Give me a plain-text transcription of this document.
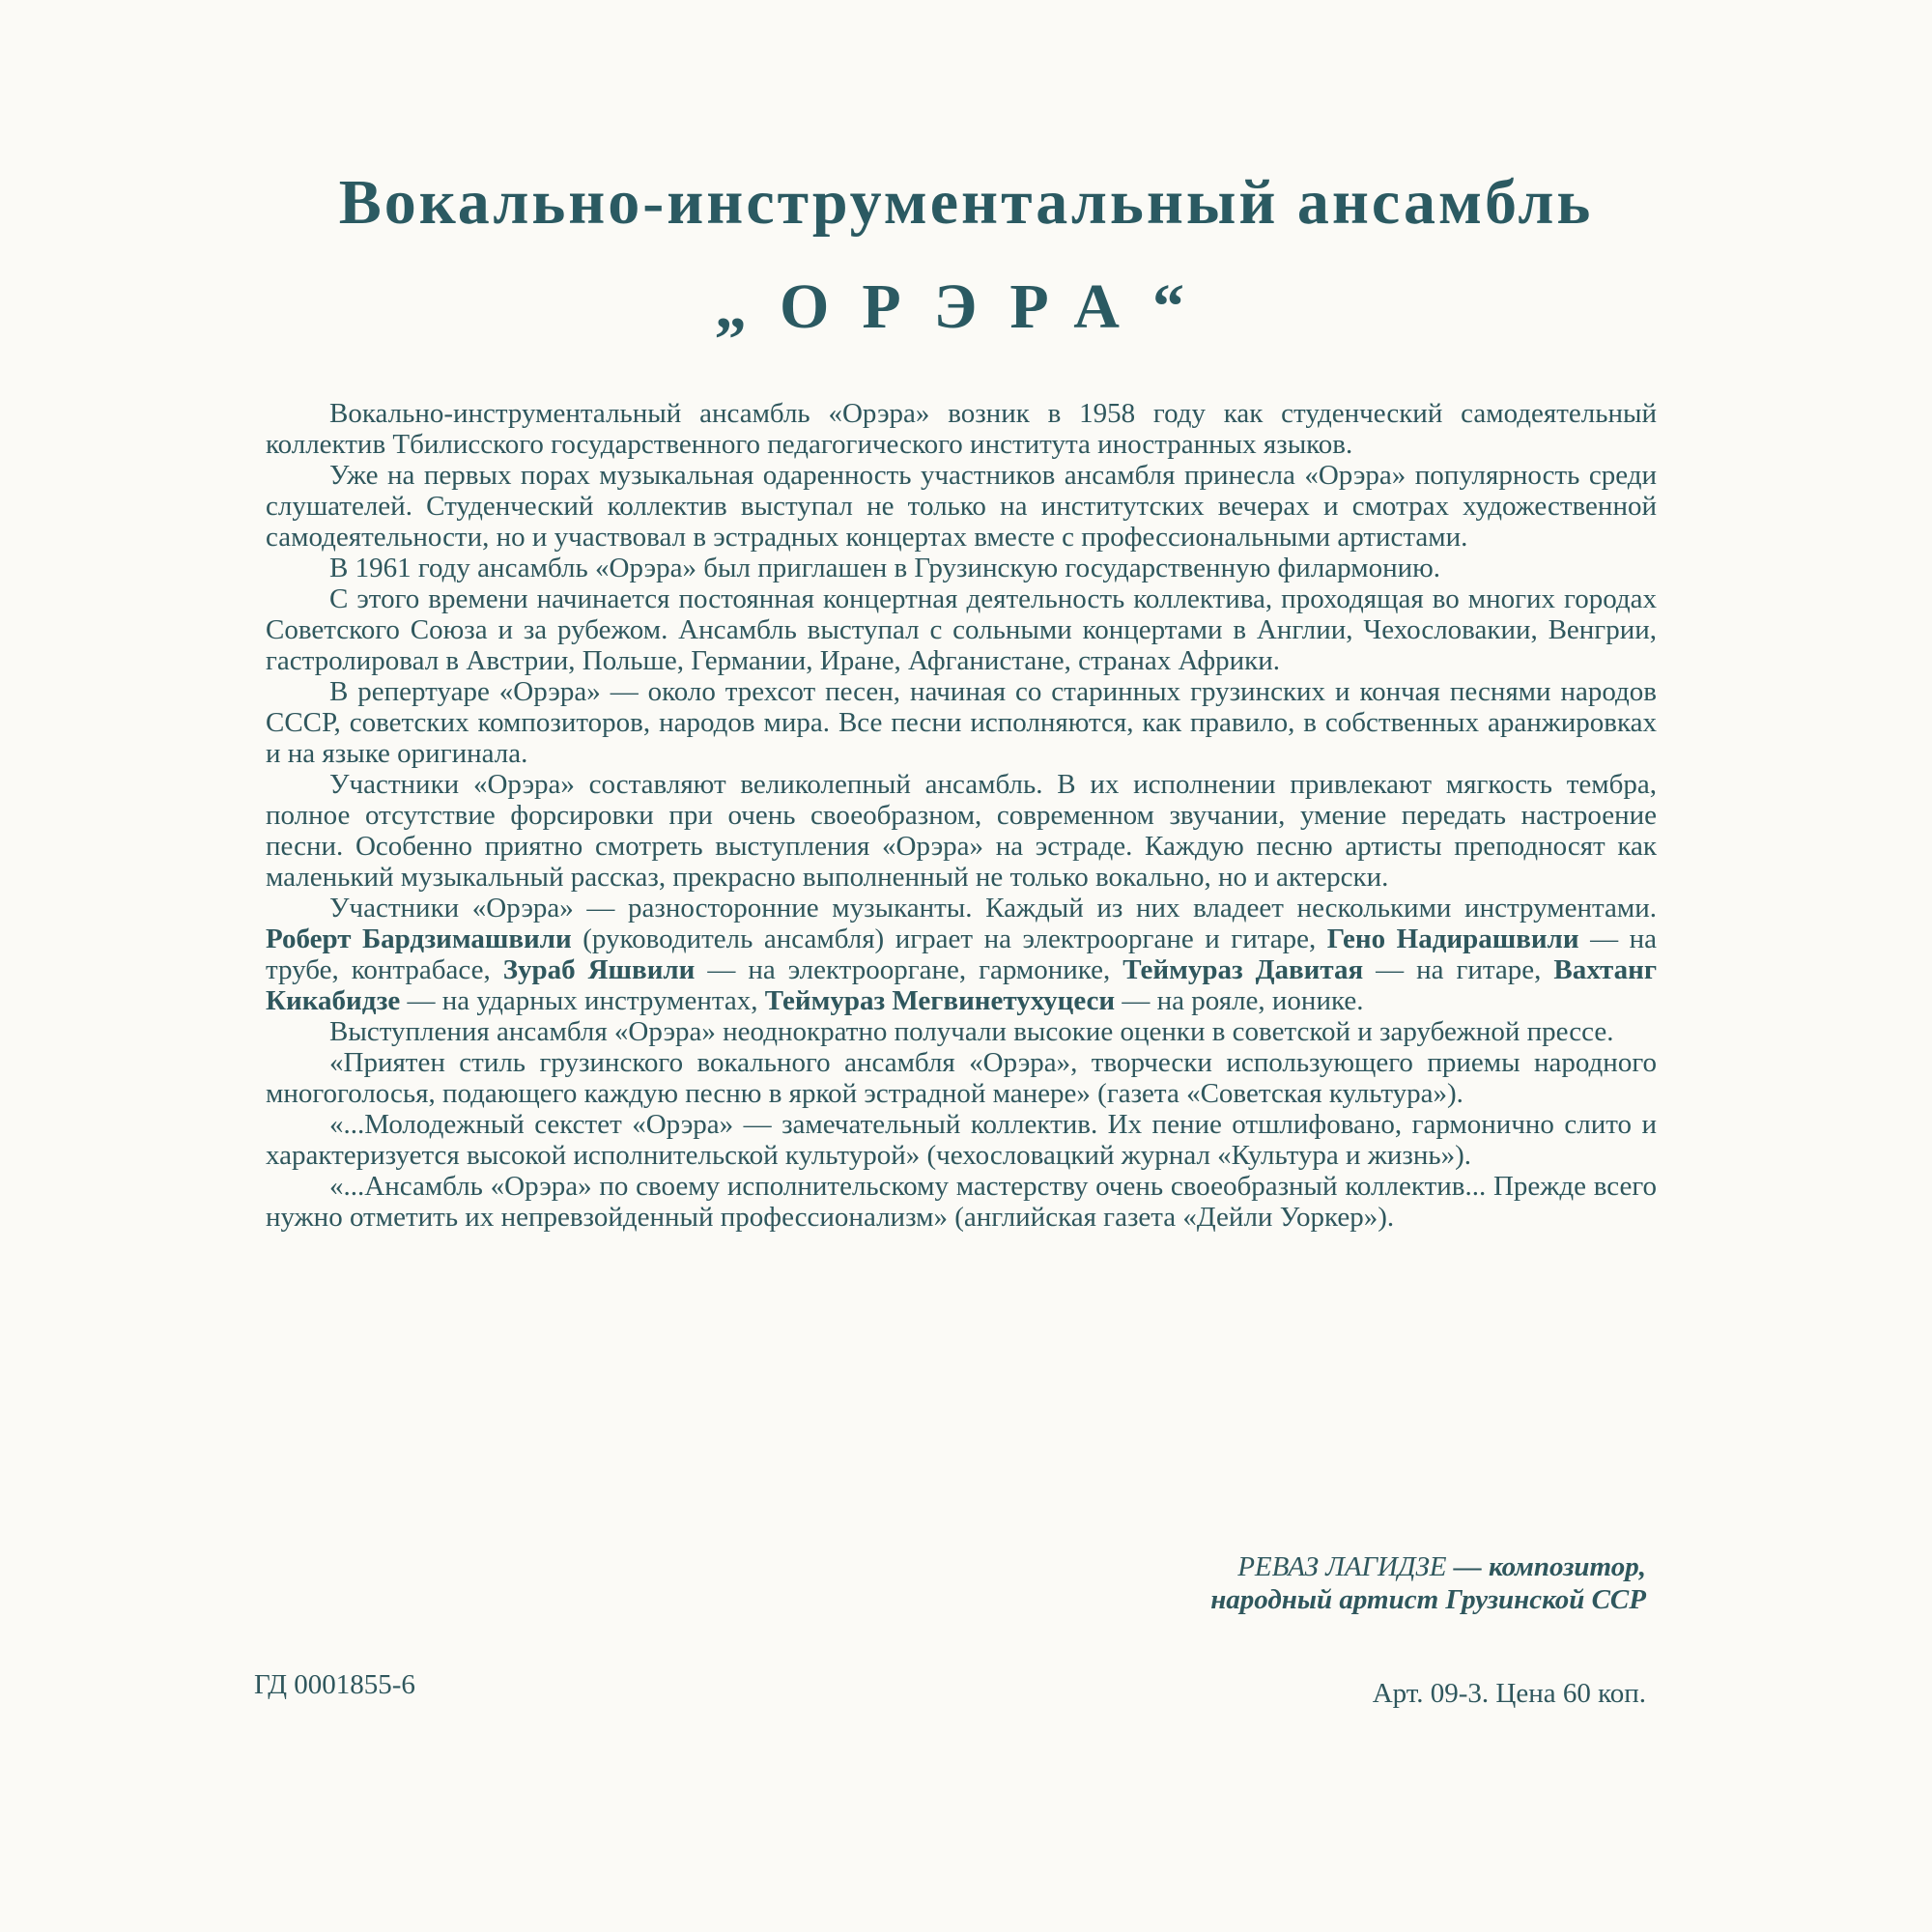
Вокально-инструментальный ансамбль
„ОРЭРА“

Вокально-инструментальный ансамбль «Орэра» возник в 1958 году как студенческий самодеятельный коллектив Тбилисского государственного педагогического института иностранных языков.

Уже на первых порах музыкальная одаренность участников ансамбля принесла «Орэра» популярность среди слушателей. Студенческий коллектив выступал не только на институтских вечерах и смотрах художественной самодеятельности, но и участвовал в эстрадных концертах вместе с профессиональными артистами.

В 1961 году ансамбль «Орэра» был приглашен в Грузинскую государственную филармонию.

С этого времени начинается постоянная концертная деятельность коллектива, проходящая во многих городах Советского Союза и за рубежом. Ансамбль выступал с сольными концертами в Англии, Чехословакии, Венгрии, гастролировал в Австрии, Польше, Германии, Иране, Афганистане, странах Африки.

В репертуаре «Орэра» — около трехсот песен, начиная со старинных грузинских и кончая песнями народов СССР, советских композиторов, народов мира. Все песни исполняются, как правило, в собственных аранжировках и на языке оригинала.

Участники «Орэра» составляют великолепный ансамбль. В их исполнении привлекают мягкость тембра, полное отсутствие форсировки при очень своеобразном, современном звучании, умение передать настроение песни. Особенно приятно смотреть выступления «Орэра» на эстраде. Каждую песню артисты преподносят как маленький музыкальный рассказ, прекрасно выполненный не только вокально, но и актерски.

Участники «Орэра» — разносторонние музыканты. Каждый из них владеет несколькими инструментами. Роберт Бардзимашвили (руководитель ансамбля) играет на электрооргане и гитаре, Гено Надирашвили — на трубе, контрабасе, Зураб Яшвили — на электрооргане, гармонике, Теймураз Давитая — на гитаре, Вахтанг Кикабидзе — на ударных инструментах, Теймураз Мегвинетухуцеси — на рояле, ионике.

Выступления ансамбля «Орэра» неоднократно получали высокие оценки в советской и зарубежной прессе.

«Приятен стиль грузинского вокального ансамбля «Орэра», творчески использующего приемы народного многоголосья, подающего каждую песню в яркой эстрадной манере» (газета «Советская культура»).

«...Молодежный секстет «Орэра» — замечательный коллектив. Их пение отшлифовано, гармонично слито и характеризуется высокой исполнительской культурой» (чехословацкий журнал «Культура и жизнь»).

«...Ансамбль «Орэра» по своему исполнительскому мастерству очень своеобразный коллектив... Прежде всего нужно отметить их непревзойденный профессионализм» (английская газета «Дейли Уоркер»).

РЕВАЗ ЛАГИДЗЕ — композитор,
народный артист Грузинской ССР
ГД 0001855-6	Арт. 09-3. Цена 60 коп.
